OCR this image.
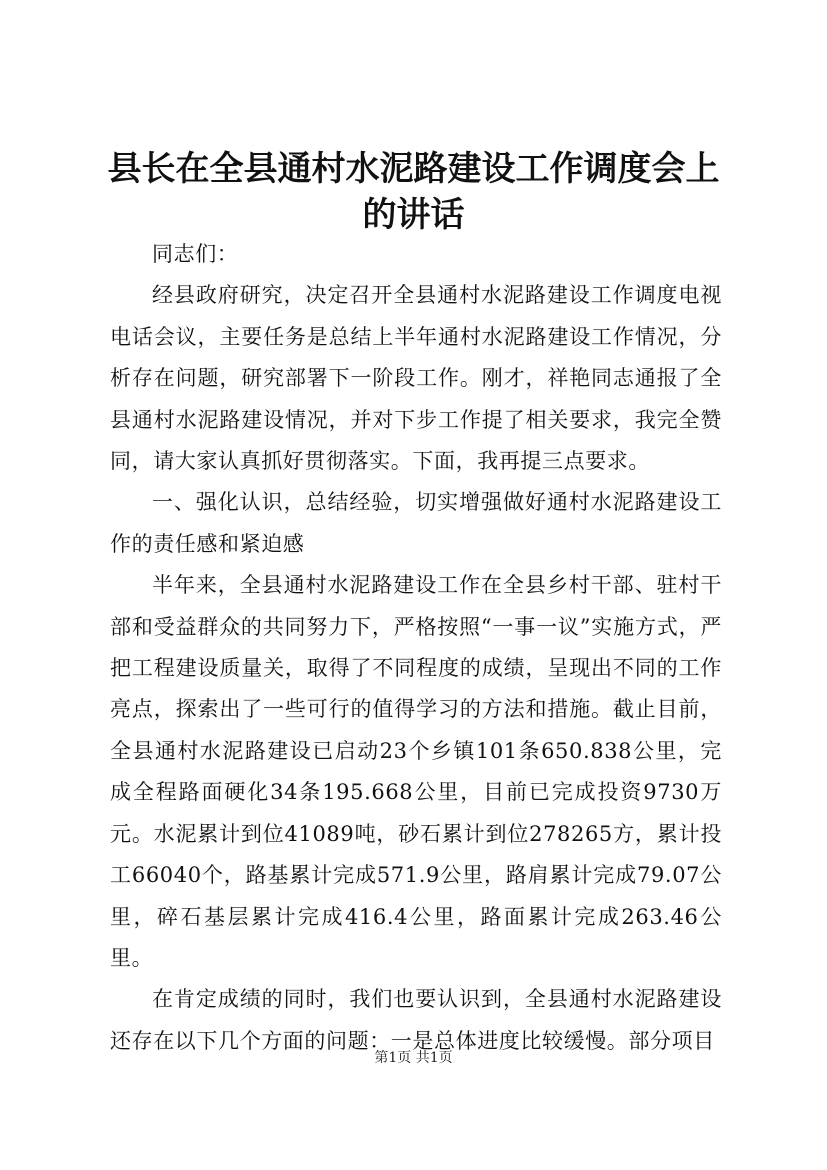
县长在全县通村水泥路建设工作调度会上的讲话

同志们：

经县政府研究，决定召开全县通村水泥路建设工作调度电视电话会议，主要任务是总结上半年通村水泥路建设工作情况，分析存在问题，研究部署下一阶段工作。刚才，祥艳同志通报了全县通村水泥路建设情况，并对下步工作提了相关要求，我完全赞同，请大家认真抓好贯彻落实。下面，我再提三点要求。

一、强化认识，总结经验，切实增强做好通村水泥路建设工作的责任感和紧迫感

半年来，全县通村水泥路建设工作在全县乡村干部、驻村干部和受益群众的共同努力下，严格按照“一事一议”实施方式，严把工程建设质量关，取得了不同程度的成绩，呈现出不同的工作亮点，探索出了一些可行的值得学习的方法和措施。截止目前，全县通村水泥路建设已启动23个乡镇101条650.838公里，完成全程路面硬化34条195.668公里，目前已完成投资9730万元。水泥累计到位41089吨，砂石累计到位278265方，累计投工66040个，路基累计完成571.9公里，路肩累计完成79.07公里，碎石基层累计完成416.4公里，路面累计完成263.46公里。

在肯定成绩的同时，我们也要认识到，全县通村水泥路建设还存在以下几个方面的问题：一是总体进度比较缓慢。部分项目

第1页 共1页
